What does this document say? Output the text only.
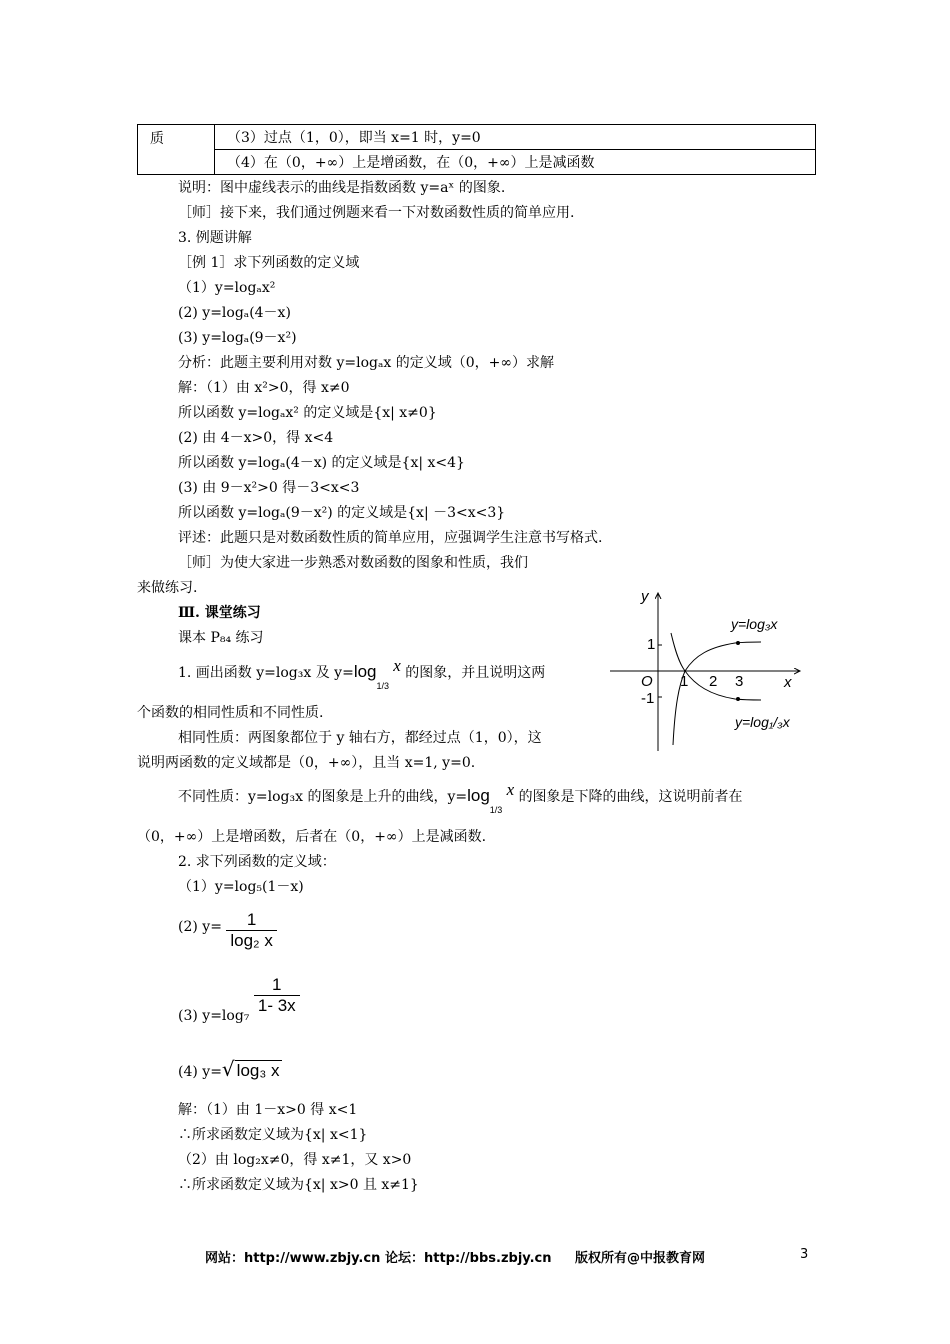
质	（3）过点（1，0），即当 x=1 时，y=0
（4）在（0，+∞）上是增函数，在（0，+∞）上是减函数
说明：图中虚线表示的曲线是指数函数 y=aˣ 的图象.
［师］接下来，我们通过例题来看一下对数函数性质的简单应用.
3. 例题讲解
［例 1］求下列函数的定义域
（1）y=logₐx²
(2) y=logₐ(4－x)
(3) y=logₐ(9－x²)
分析：此题主要利用对数 y=logₐx 的定义域（0，+∞）求解
解：（1）由 x²>0，得 x≠0
所以函数 y=logₐx² 的定义域是{x| x≠0}
(2) 由 4－x>0，得 x<4
所以函数 y=logₐ(4－x) 的定义域是{x| x<4}
(3) 由 9－x²>0 得－3<x<3
所以函数 y=logₐ(9－x²) 的定义域是{x| －3<x<3}
评述：此题只是对数函数性质的简单应用，应强调学生注意书写格式.
［师］为使大家进一步熟悉对数函数的图象和性质，我们
来做练习.
Ⅲ. 课堂练习
课本 P₈₄ 练习
1. 画出函数 y=log₃x 及 $y=\log_{1/3}$ x 的图象，并且说明这两
个函数的相同性质和不同性质.
相同性质：两图象都位于 y 轴右方，都经过点（1，0），这
说明两函数的定义域都是（0，+∞），且当 x=1, y=0.
不同性质：y=log₃x 的图象是上升的曲线，$y=\log_{1/3}$ x 的图象是下降的曲线，这说明前者在
（0，+∞）上是增函数，后者在（0，+∞）上是减函数.
2. 求下列函数的定义域：
（1）y=log₅(1－x)
(2) $y= \frac{1}{\text{log₂ x}}$
(3) $y=\log_7 \frac{1}{1- 3x}$
(4) y=√ log₃ x
解：（1）由 1－x>0 得 x<1
∴所求函数定义域为{x| x<1}
（2）由 log₂x≠0，得 x≠1，又 x>0
∴所求函数定义域为{x| x>0 且 x≠1}
y
x
O 1 2 3
1
-1
y=log₃x
y=log₁/₃x
网站：http://www.zbjy.cn 论坛：http://bbs.zbjy.cn 版权所有@中报教育网	3
